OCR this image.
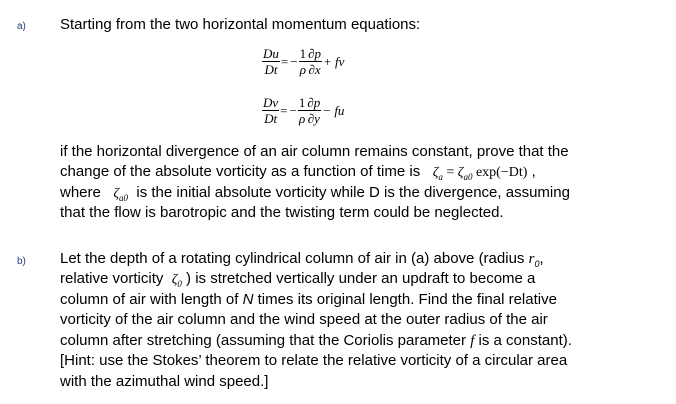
a) Starting from the two horizontal momentum equations:
$\frac{Du}{Dt}$ = − $\frac{1}{\rho} \frac{\partial p}{\partial x}$ + fv
$\frac{Dv}{Dt}$ = − $\frac{1}{\rho} \frac{\partial p}{\partial y}$ − fu
if the horizontal divergence of an air column remains constant, prove that the
change of the absolute vorticity as a function of time is $\zeta_a = \zeta_{a0}$ exp(−Dt) ,
where $\zeta_{a0}$ is the initial absolute vorticity while D is the divergence, assuming
that the flow is barotropic and the twisting term could be neglected.
b) Let the depth of a rotating cylindrical column of air in (a) above (radius $r_0$,
relative vorticity $\zeta_0$ ) is stretched vertically under an updraft to become a
column of air with length of N times its original length. Find the final relative
vorticity of the air column and the wind speed at the outer radius of the air
column after stretching (assuming that the Coriolis parameter f is a constant).
[Hint: use the Stokes’ theorem to relate the relative vorticity of a circular area
with the azimuthal wind speed.]
